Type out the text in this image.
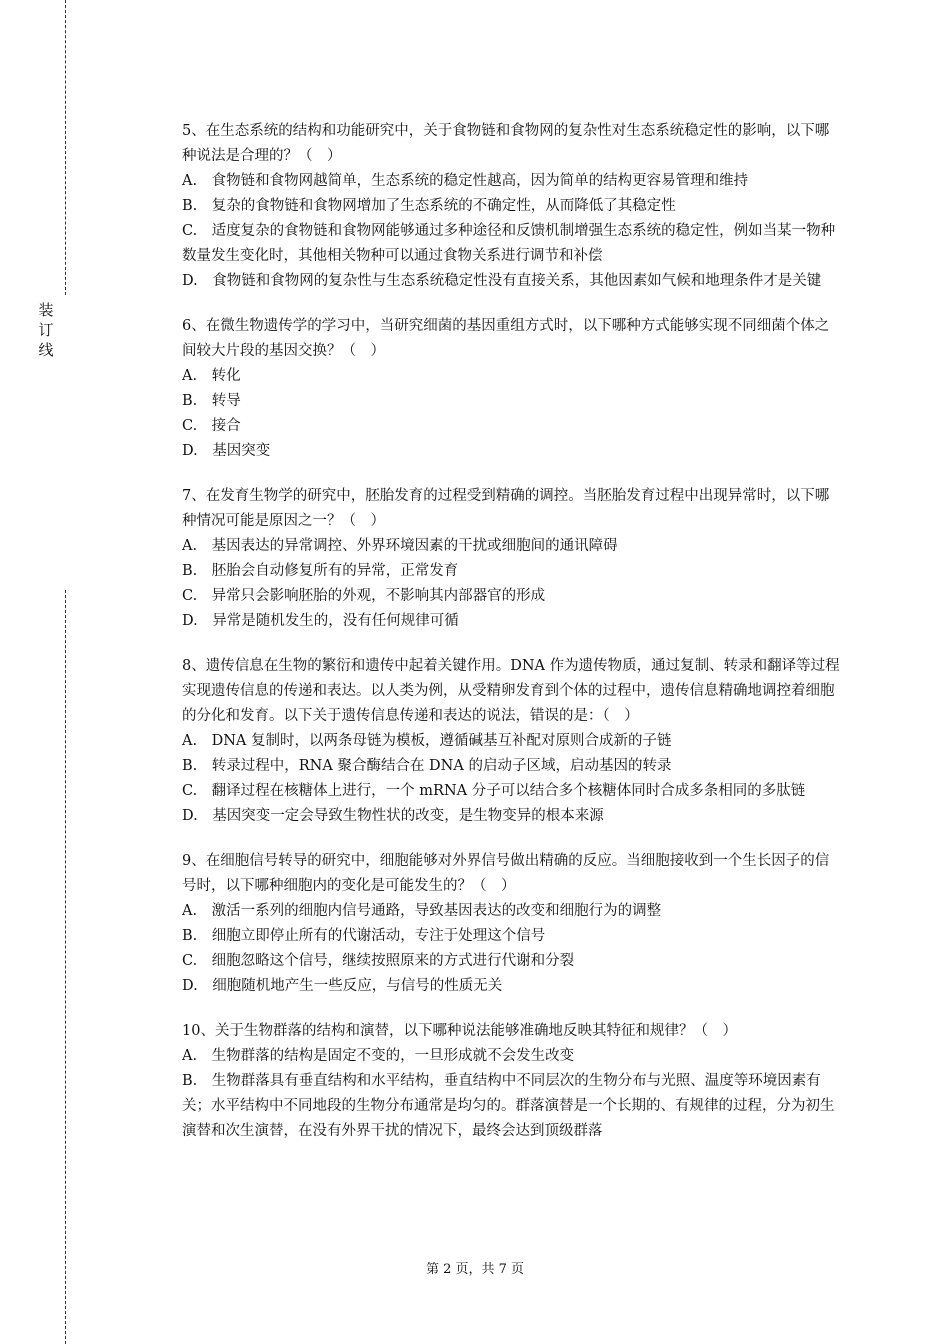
装
订
线

5、在生态系统的结构和功能研究中，关于食物链和食物网的复杂性对生态系统稳定性的影响，以下哪种说法是合理的？（　）

A.　食物链和食物网越简单，生态系统的稳定性越高，因为简单的结构更容易管理和维持

B.　复杂的食物链和食物网增加了生态系统的不确定性，从而降低了其稳定性

C.　适度复杂的食物链和食物网能够通过多种途径和反馈机制增强生态系统的稳定性，例如当某一物种数量发生变化时，其他相关物种可以通过食物关系进行调节和补偿

D.　食物链和食物网的复杂性与生态系统稳定性没有直接关系，其他因素如气候和地理条件才是关键

6、在微生物遗传学的学习中，当研究细菌的基因重组方式时，以下哪种方式能够实现不同细菌个体之间较大片段的基因交换？（　）

A.　转化

B.　转导

C.　接合

D.　基因突变

7、在发育生物学的研究中，胚胎发育的过程受到精确的调控。当胚胎发育过程中出现异常时，以下哪种情况可能是原因之一？（　）

A.　基因表达的异常调控、外界环境因素的干扰或细胞间的通讯障碍

B.　胚胎会自动修复所有的异常，正常发育

C.　异常只会影响胚胎的外观，不影响其内部器官的形成

D.　异常是随机发生的，没有任何规律可循

8、遗传信息在生物的繁衍和遗传中起着关键作用。DNA 作为遗传物质，通过复制、转录和翻译等过程实现遗传信息的传递和表达。以人类为例，从受精卵发育到个体的过程中，遗传信息精确地调控着细胞的分化和发育。以下关于遗传信息传递和表达的说法，错误的是：（　）

A.　DNA 复制时，以两条母链为模板，遵循碱基互补配对原则合成新的子链

B.　转录过程中，RNA 聚合酶结合在 DNA 的启动子区域，启动基因的转录

C.　翻译过程在核糖体上进行，一个 mRNA 分子可以结合多个核糖体同时合成多条相同的多肽链

D.　基因突变一定会导致生物性状的改变，是生物变异的根本来源

9、在细胞信号转导的研究中，细胞能够对外界信号做出精确的反应。当细胞接收到一个生长因子的信号时，以下哪种细胞内的变化是可能发生的？（　）

A.　激活一系列的细胞内信号通路，导致基因表达的改变和细胞行为的调整

B.　细胞立即停止所有的代谢活动，专注于处理这个信号

C.　细胞忽略这个信号，继续按照原来的方式进行代谢和分裂

D.　细胞随机地产生一些反应，与信号的性质无关

10、关于生物群落的结构和演替，以下哪种说法能够准确地反映其特征和规律？（　）

A.　生物群落的结构是固定不变的，一旦形成就不会发生改变

B.　生物群落具有垂直结构和水平结构，垂直结构中不同层次的生物分布与光照、温度等环境因素有关；水平结构中不同地段的生物分布通常是均匀的。群落演替是一个长期的、有规律的过程，分为初生演替和次生演替，在没有外界干扰的情况下，最终会达到顶级群落

第 2 页，共 7 页
